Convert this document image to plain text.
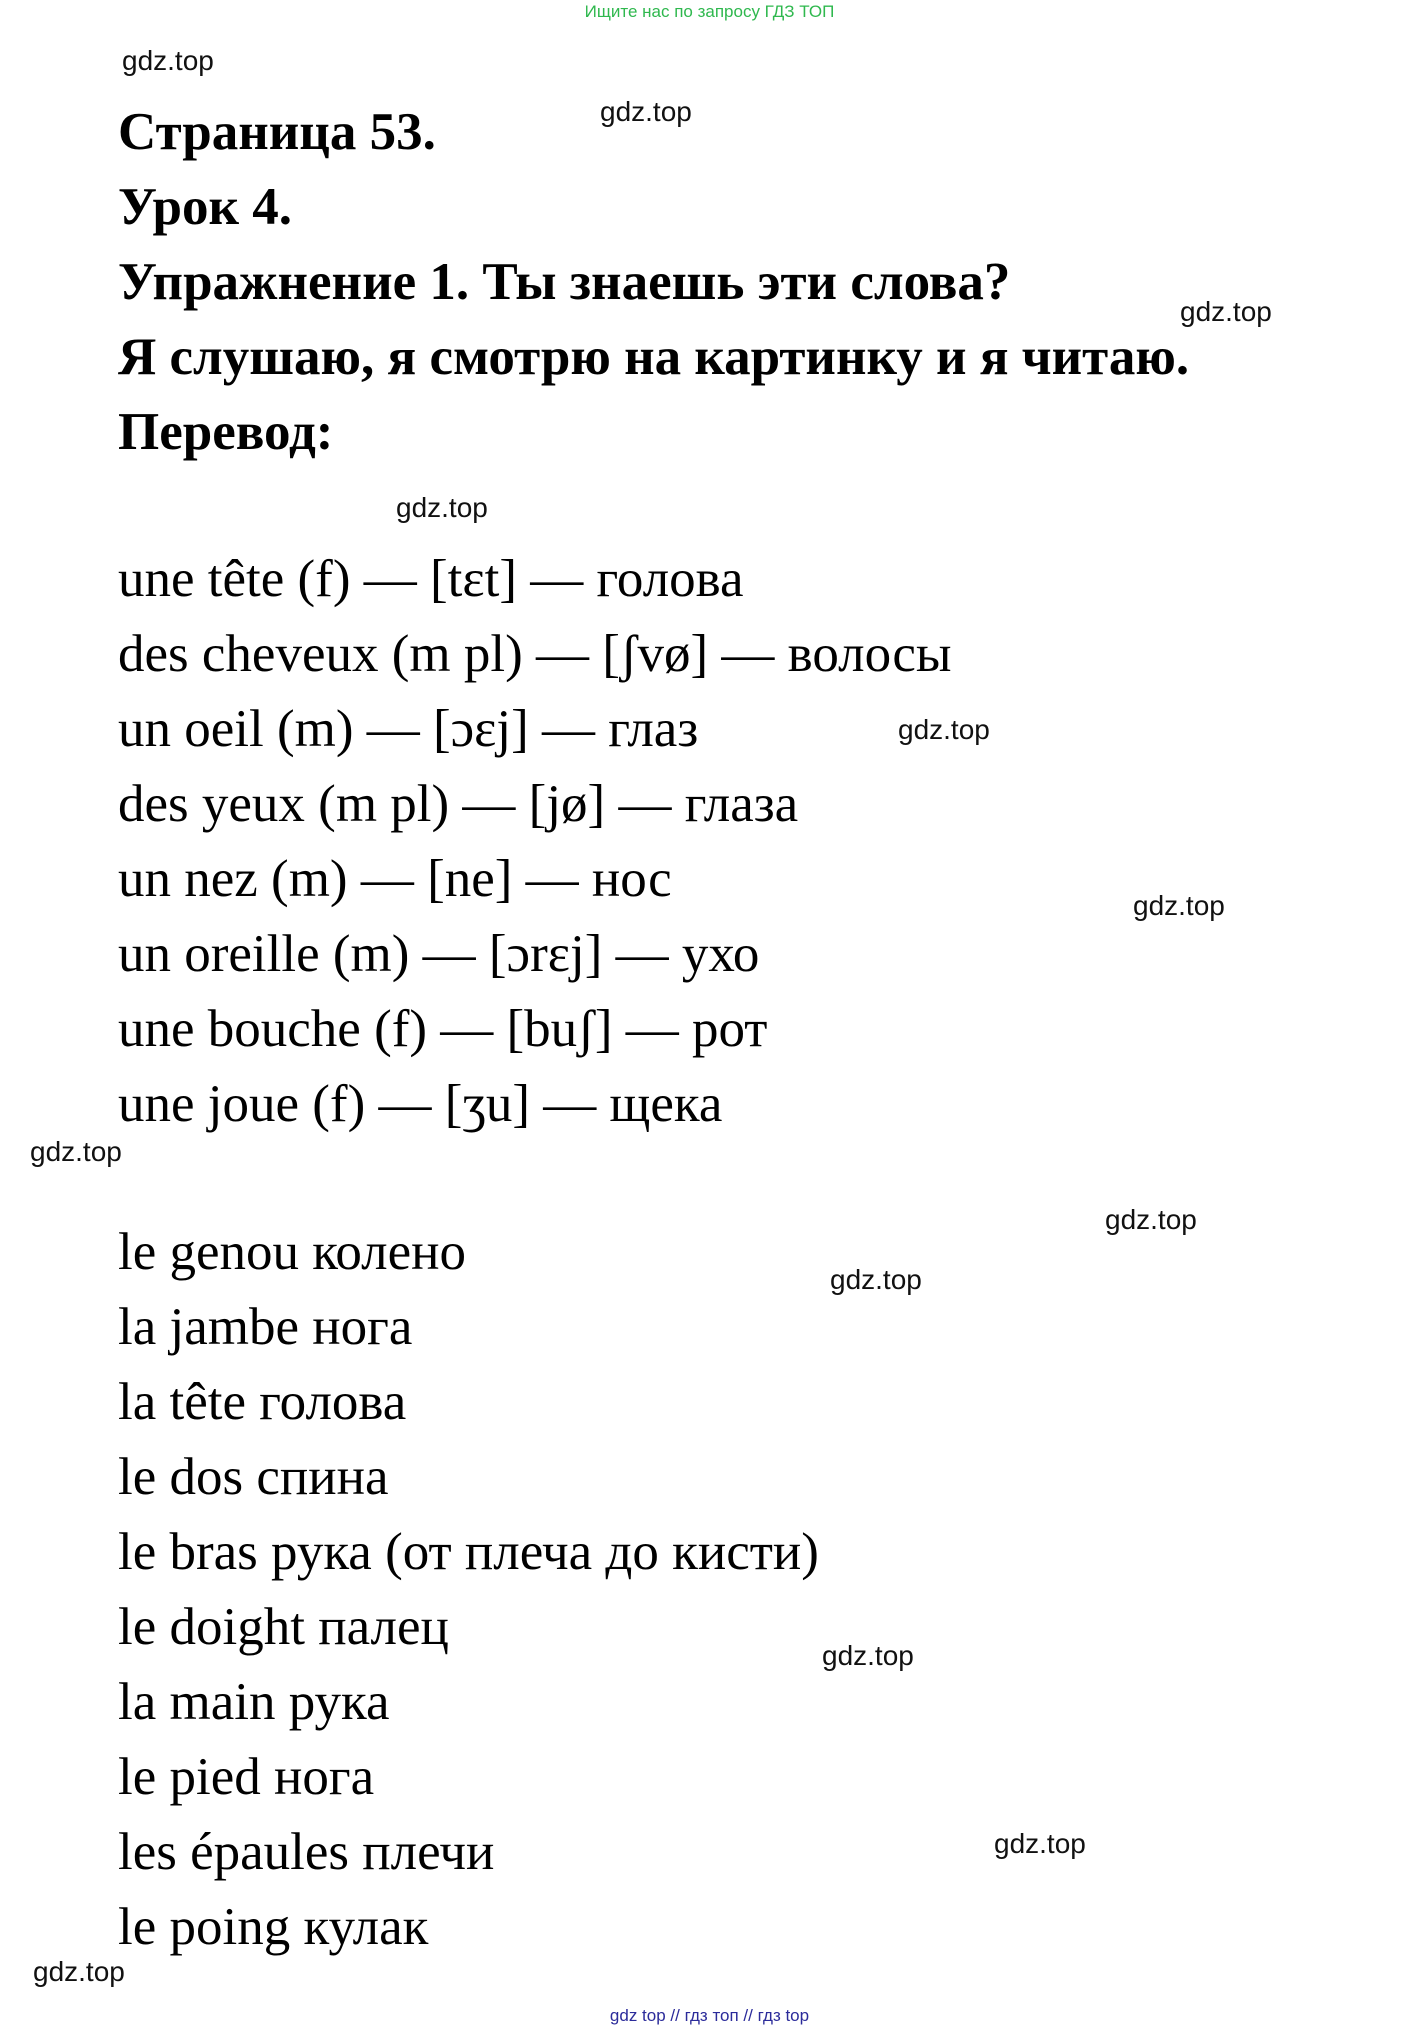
Ищите нас по запросу ГДЗ ТОП
gdz.top
gdz.top
gdz.top
gdz.top
gdz.top
gdz.top
gdz.top
gdz.top
gdz.top
gdz.top
gdz.top
gdz.top
Страница 53.
Урок 4.
Упражнение 1. Ты знаешь эти слова?
Я слушаю, я смотрю на картинку и я читаю.
Перевод:
une tête (f) — [tɛt] — голова
des cheveux (m pl) — [ʃvø] — волосы
un oeil (m) — [ɔɛj] — глаз
des yeux (m pl) — [jø] — глаза
un nez (m) — [ne] — нос
un oreille (m) — [ɔrɛj] — ухо
une bouche (f) — [buʃ] — рот
une joue (f) — [ʒu] — щека
le genou колено
la jambe нога
la tête голова
le dos спина
le bras рука (от плеча до кисти)
le doight палец
la main рука
le pied нога
les épaules плечи
le poing кулак
gdz top // гдз топ // гдз top
